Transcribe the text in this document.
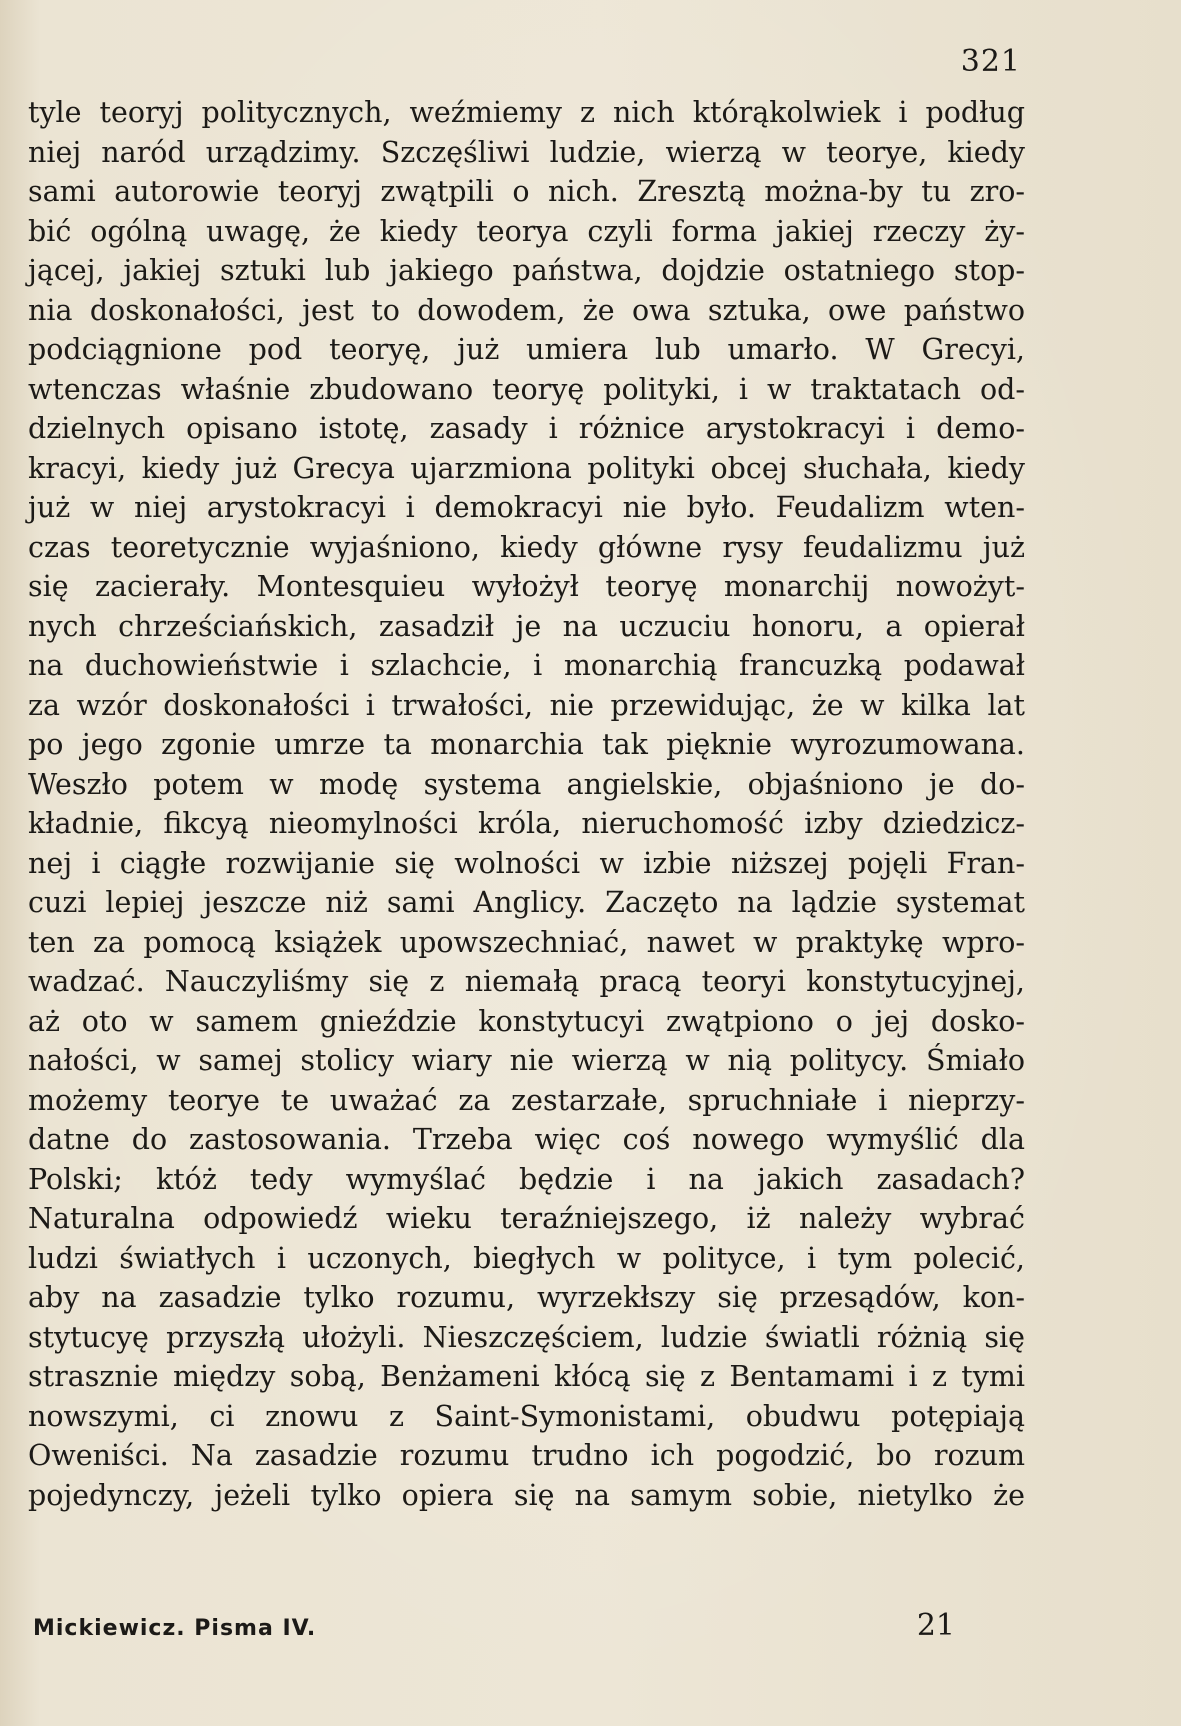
321
tyle teoryj politycznych, weźmiemy z nich którąkolwiek i podług
niej naród urządzimy. Szczęśliwi ludzie, wierzą w teorye, kiedy
sami autorowie teoryj zwątpili o nich. Zresztą można-by tu zro-
bić ogólną uwagę, że kiedy teorya czyli forma jakiej rzeczy ży-
jącej, jakiej sztuki lub jakiego państwa, dojdzie ostatniego stop-
nia doskonałości, jest to dowodem, że owa sztuka, owe państwo
podciągnione pod teoryę, już umiera lub umarło. W Grecyi,
wtenczas właśnie zbudowano teoryę polityki, i w traktatach od-
dzielnych opisano istotę, zasady i różnice arystokracyi i demo-
kracyi, kiedy już Grecya ujarzmiona polityki obcej słuchała, kiedy
już w niej arystokracyi i demokracyi nie było. Feudalizm wten-
czas teoretycznie wyjaśniono, kiedy główne rysy feudalizmu już
się zacierały. Montesquieu wyłożył teoryę monarchij nowożyt-
nych chrześciańskich, zasadził je na uczuciu honoru, a opierał
na duchowieństwie i szlachcie, i monarchią francuzką podawał
za wzór doskonałości i trwałości, nie przewidując, że w kilka lat
po jego zgonie umrze ta monarchia tak pięknie wyrozumowana.
Weszło potem w modę systema angielskie, objaśniono je do-
kładnie, fikcyą nieomylności króla, nieruchomość izby dziedzicz-
nej i ciągłe rozwijanie się wolności w izbie niższej pojęli Fran-
cuzi lepiej jeszcze niż sami Anglicy. Zaczęto na lądzie systemat
ten za pomocą książek upowszechniać, nawet w praktykę wpro-
wadzać. Nauczyliśmy się z niemałą pracą teoryi konstytucyjnej,
aż oto w samem gnieździe konstytucyi zwątpiono o jej dosko-
nałości, w samej stolicy wiary nie wierzą w nią politycy. Śmiało
możemy teorye te uważać za zestarzałe, spruchniałe i nieprzy-
datne do zastosowania. Trzeba więc coś nowego wymyślić dla
Polski; któż tedy wymyślać będzie i na jakich zasadach?
Naturalna odpowiedź wieku teraźniejszego, iż należy wybrać
ludzi światłych i uczonych, biegłych w polityce, i tym polecić,
aby na zasadzie tylko rozumu, wyrzekłszy się przesądów, kon-
stytucyę przyszłą ułożyli. Nieszczęściem, ludzie światli różnią się
strasznie między sobą, Benżameni kłócą się z Bentamami i z tymi
nowszymi, ci znowu z Saint-Symonistami, obudwu potępiają
Oweniści. Na zasadzie rozumu trudno ich pogodzić, bo rozum
pojedynczy, jeżeli tylko opiera się na samym sobie, nietylko że
Mickiewicz. Pisma IV.	21
